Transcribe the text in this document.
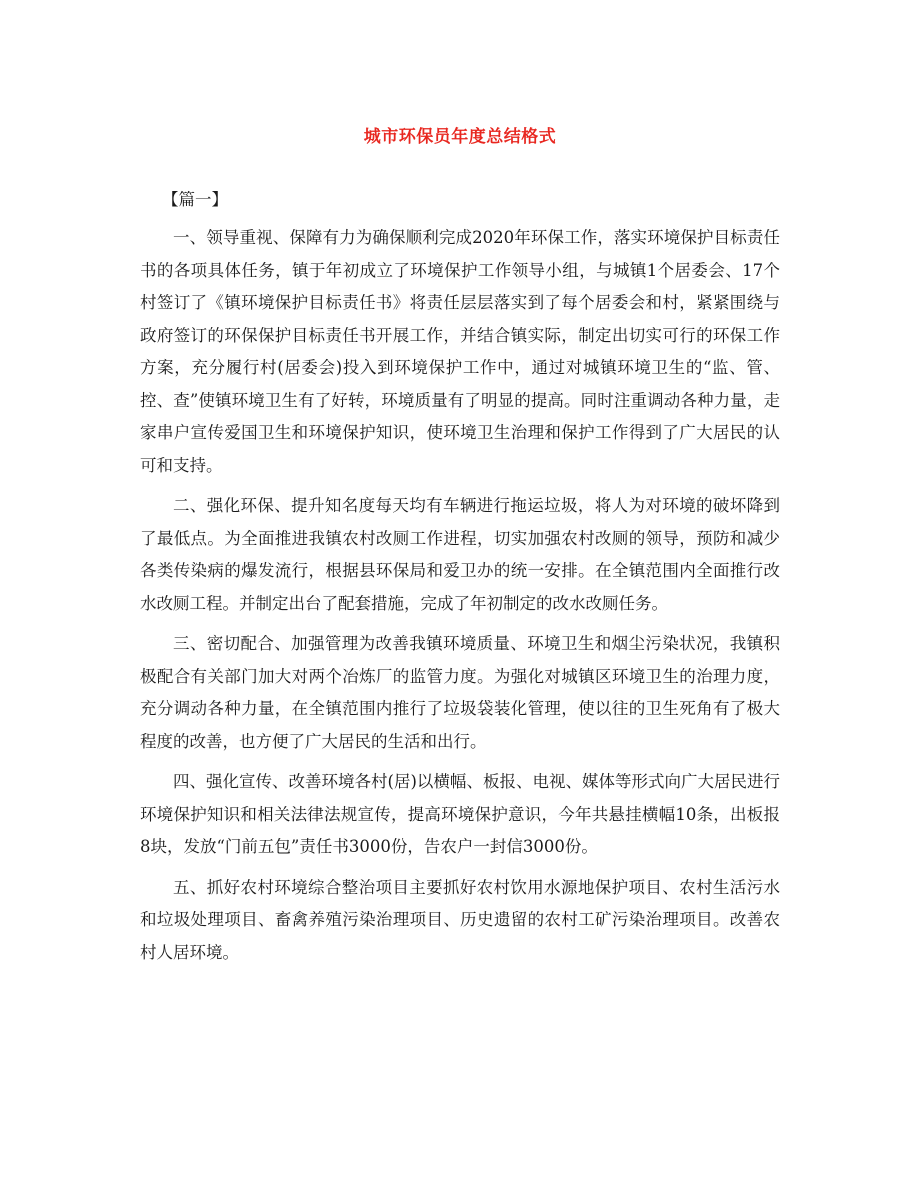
城市环保员年度总结格式
【篇一】

一、领导重视、保障有力为确保顺利完成2020年环保工作，落实环境保护目标责任书的各项具体任务，镇于年初成立了环境保护工作领导小组，与城镇1个居委会、17个村签订了《镇环境保护目标责任书》将责任层层落实到了每个居委会和村，紧紧围绕与政府签订的环保保护目标责任书开展工作，并结合镇实际，制定出切实可行的环保工作方案，充分履行村(居委会)投入到环境保护工作中，通过对城镇环境卫生的“监、管、控、查”使镇环境卫生有了好转，环境质量有了明显的提高。同时注重调动各种力量，走家串户宣传爱国卫生和环境保护知识，使环境卫生治理和保护工作得到了广大居民的认可和支持。

二、强化环保、提升知名度每天均有车辆进行拖运垃圾，将人为对环境的破坏降到了最低点。为全面推进我镇农村改厕工作进程，切实加强农村改厕的领导，预防和减少各类传染病的爆发流行，根据县环保局和爱卫办的统一安排。在全镇范围内全面推行改水改厕工程。并制定出台了配套措施，完成了年初制定的改水改厕任务。

三、密切配合、加强管理为改善我镇环境质量、环境卫生和烟尘污染状况，我镇积极配合有关部门加大对两个冶炼厂的监管力度。为强化对城镇区环境卫生的治理力度，充分调动各种力量，在全镇范围内推行了垃圾袋装化管理，使以往的卫生死角有了极大程度的改善，也方便了广大居民的生活和出行。

四、强化宣传、改善环境各村(居)以横幅、板报、电视、媒体等形式向广大居民进行环境保护知识和相关法律法规宣传，提高环境保护意识，今年共悬挂横幅10条，出板报8块，发放“门前五包”责任书3000份，告农户一封信3000份。

五、抓好农村环境综合整治项目主要抓好农村饮用水源地保护项目、农村生活污水和垃圾处理项目、畜禽养殖污染治理项目、历史遗留的农村工矿污染治理项目。改善农村人居环境。
